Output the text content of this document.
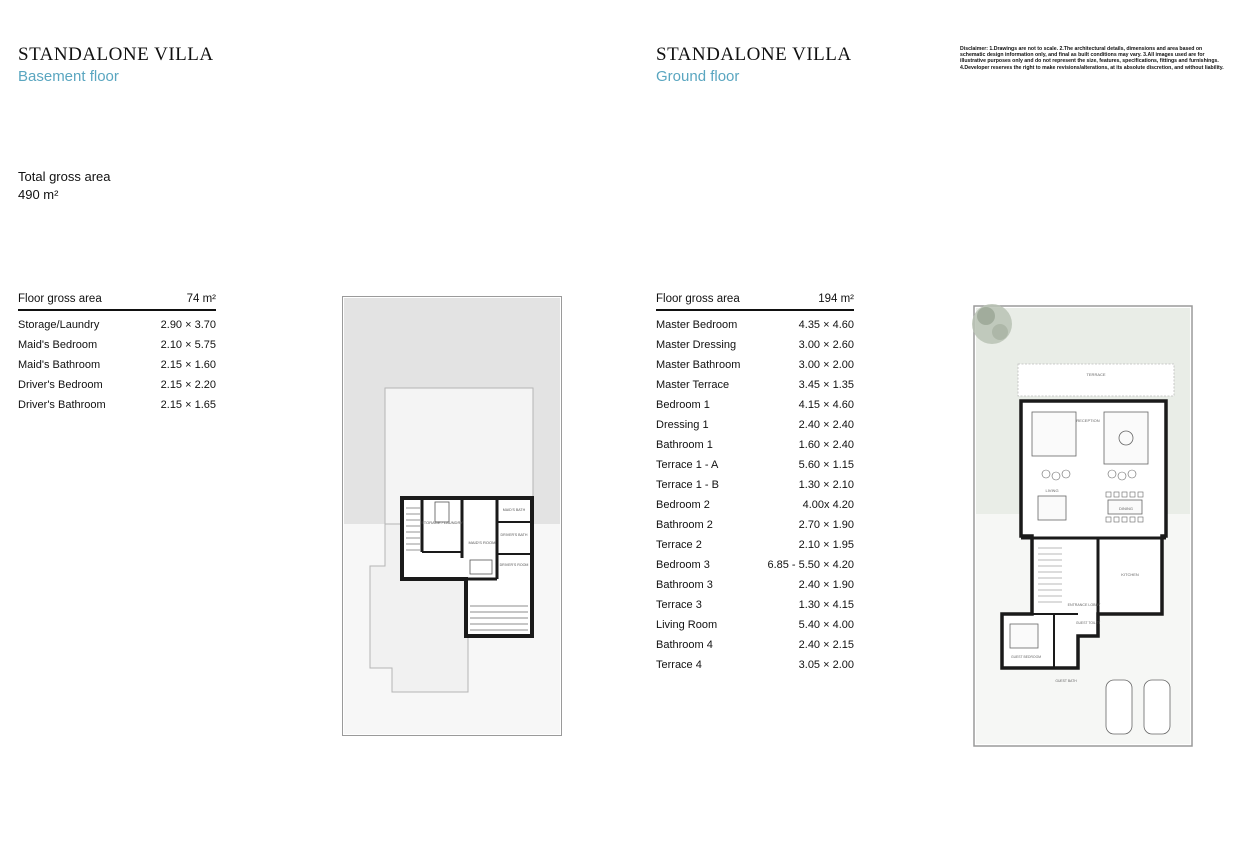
STANDALONE VILLA
Basement floor
Total gross area
490 m²
Floor gross area	74 m²
Storage/Laundry	2.90 × 3.70
Maid's Bedroom	2.10 × 5.75
Maid's Bathroom	2.15 × 1.60
Driver's Bedroom	2.15 × 2.20
Driver's Bathroom	2.15 × 1.65
STORAGE / LAUNDRY
MAID'S ROOM
MAID'S BATH
DRIVER'S BATH
DRIVER'S ROOM
STANDALONE VILLA
Ground floor
Disclaimer: 1.Drawings are not to scale. 2.The architectural details, dimensions and area based on schematic design information only, and final as built conditions may vary. 3.All images used are for illustrative purposes only and do not represent the size, features, specifications, fittings and furnishings. 4.Developer reserves the right to make revisions/alterations, at its absolute discretion, and without liability.
Floor gross area	194 m²
Master Bedroom	4.35 × 4.60
Master Dressing	3.00 × 2.60
Master Bathroom	3.00 × 2.00
Master Terrace	3.45 × 1.35
Bedroom 1	4.15 × 4.60
Dressing 1	2.40 × 2.40
Bathroom 1	1.60 × 2.40
Terrace 1 - A	5.60 × 1.15
Terrace 1 - B	1.30 × 2.10
Bedroom 2	4.00x 4.20
Bathroom 2	2.70 × 1.90
Terrace 2	2.10 × 1.95
Bedroom 3	6.85 - 5.50 × 4.20
Bathroom 3	2.40 × 1.90
Terrace 3	1.30 × 4.15
Living Room	5.40 × 4.00
Bathroom 4	2.40 × 2.15
Terrace 4	3.05 × 2.00
TERRACE
RECEPTION
LIVING
DINING
KITCHEN
ENTRANCE LOBBY
GUEST TOILET
GUEST BEDROOM
GUEST BATH
